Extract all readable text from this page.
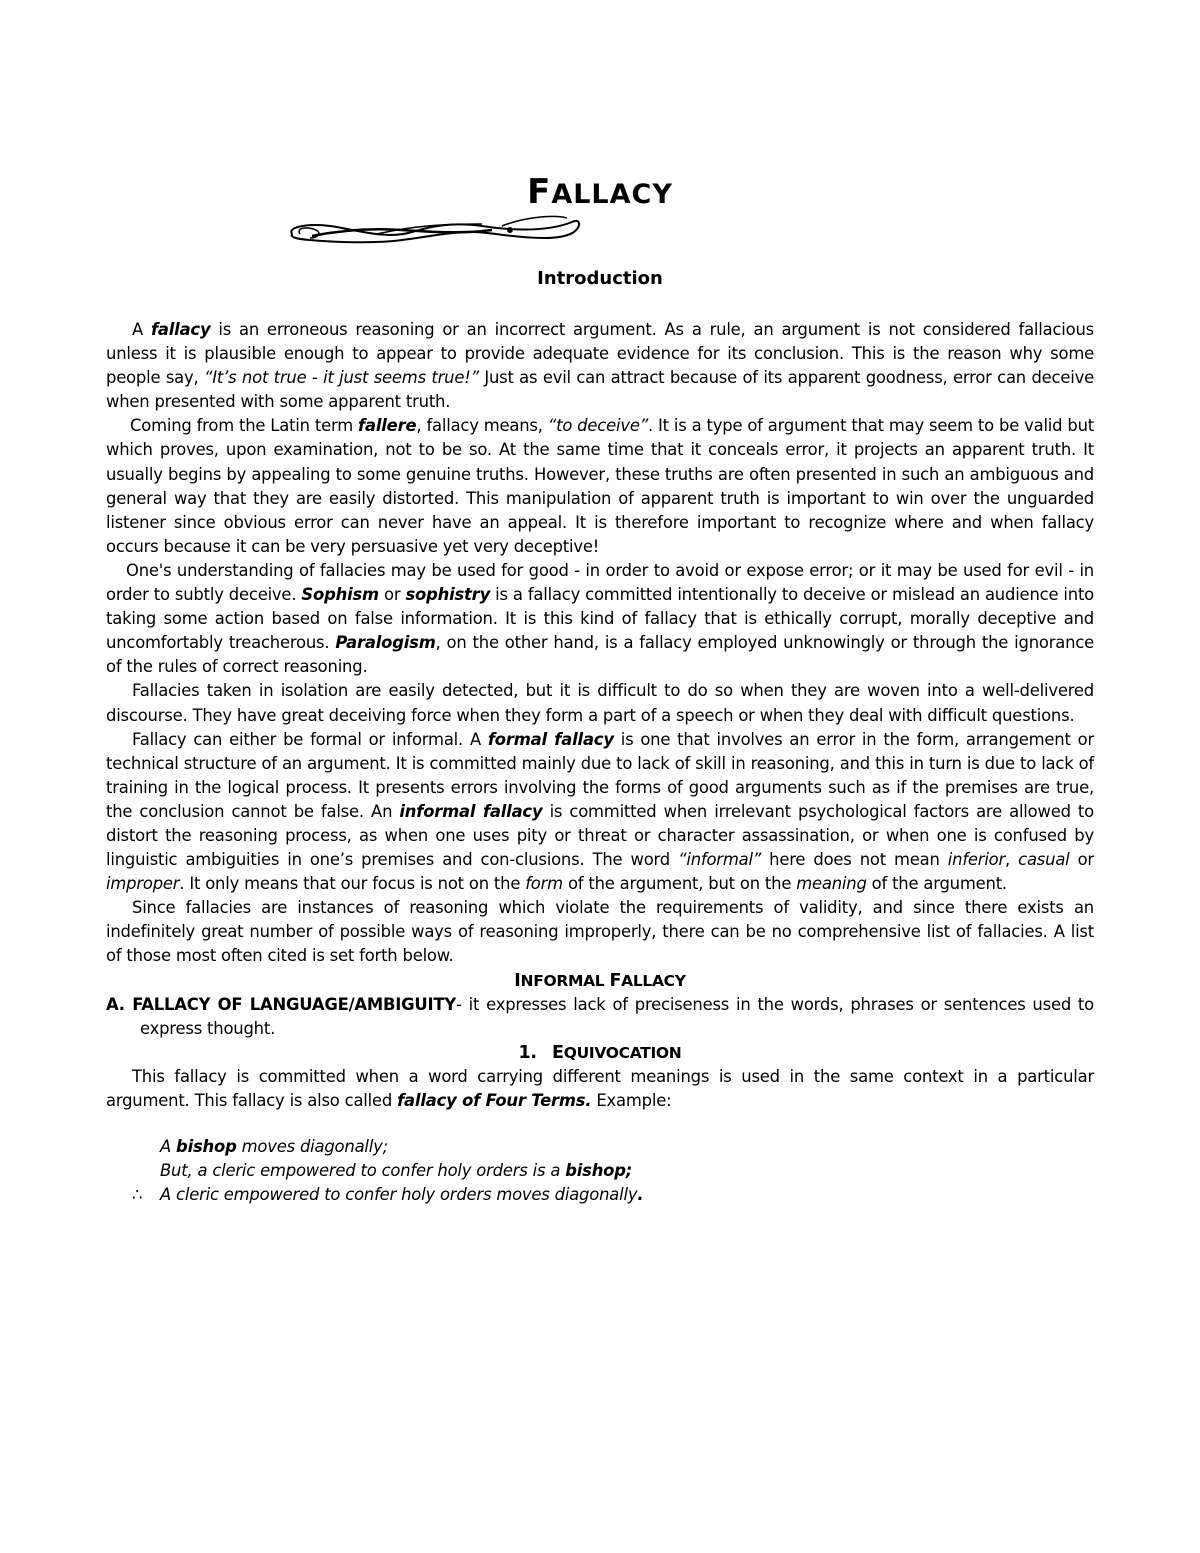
FALLACY
Introduction

A fallacy is an erroneous reasoning or an incorrect argument. As a rule, an argument is not considered fallacious unless it is plausible enough to appear to provide adequate evidence for its conclusion. This is the reason why some people say, “It’s not true - it just seems true!” Just as evil can attract because of its apparent goodness, error can deceive when presented with some apparent truth.

Coming from the Latin term fallere, fallacy means, “to deceive”. It is a type of argument that may seem to be valid but which proves, upon examination, not to be so. At the same time that it conceals error, it projects an apparent truth. It usually begins by appealing to some genuine truths. However, these truths are often presented in such an ambiguous and general way that they are easily distorted. This manipulation of apparent truth is important to win over the unguarded listener since obvious error can never have an appeal. It is therefore important to recognize where and when fallacy occurs because it can be very persuasive yet very deceptive!

One's understanding of fallacies may be used for good - in order to avoid or expose error; or it may be used for evil - in order to subtly deceive. Sophism or sophistry is a fallacy committed intentionally to deceive or mislead an audience into taking some action based on false information. It is this kind of fallacy that is ethically corrupt, morally deceptive and uncomfortably treacherous. Paralogism, on the other hand, is a fallacy employed unknowingly or through the ignorance of the rules of correct reasoning.

Fallacies taken in isolation are easily detected, but it is difficult to do so when they are woven into a well-delivered discourse. They have great deceiving force when they form a part of a speech or when they deal with difficult questions.

Fallacy can either be formal or informal. A formal fallacy is one that involves an error in the form, arrangement or technical structure of an argument. It is committed mainly due to lack of skill in reasoning, and this in turn is due to lack of training in the logical process. It presents errors involving the forms of good arguments such as if the premises are true, the conclusion cannot be false. An informal fallacy is committed when irrelevant psychological factors are allowed to distort the reasoning process, as when one uses pity or threat or character assassination, or when one is confused by linguistic ambiguities in one’s premises and con-clusions. The word “informal” here does not mean inferior, casual or improper. It only means that our focus is not on the form of the argument, but on the meaning of the argument.

Since fallacies are instances of reasoning which violate the requirements of validity, and since there exists an indefinitely great number of possible ways of reasoning improperly, there can be no comprehensive list of fallacies. A list of those most often cited is set forth below.

INFORMAL FALLACY

A. FALLACY OF LANGUAGE/AMBIGUITY- it expresses lack of preciseness in the words, phrases or sentences used to express thought.

1. EQUIVOCATION

This fallacy is committed when a word carrying different meanings is used in the same context in a particular argument. This fallacy is also called fallacy of Four Terms. Example:

A bishop moves diagonally;

But, a cleric empowered to confer holy orders is a bishop;

∴ A cleric empowered to confer holy orders moves diagonally.
